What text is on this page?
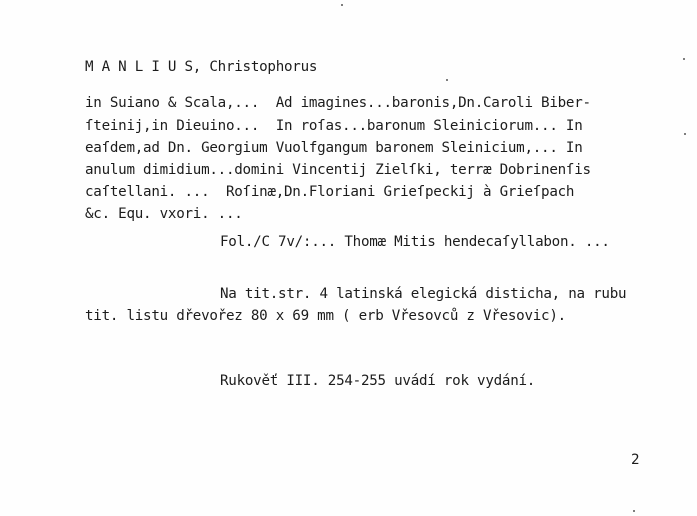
M A N L I U S, Christophorus
in Suiano & Scala,...  Ad imagines...baronis,Dn.Caroli Biber-
ſteinij,in Dieuino...  In roſas...baronum Sleiniciorum... In
eaſdem,ad Dn. Georgium Vuolfgangum baronem Sleinicium,... In
anulum dimidium...domini Vincentij Zielſki, terræ Dobrinenſis
caſtellani. ...  Roſinæ,Dn.Floriani Grieſpeckij à Grieſpach
&c. Equ. vxori. ...
Fol./C 7v/:... Thomæ Mitis hendecaſyllabon. ...
Na tit.str. 4 latinská elegická disticha, na rubu
tit. listu dřevořez 80 x 69 mm ( erb Vřesovců z Vřesovic).
Rukověť III. 254-255 uvádí rok vydání.
2
